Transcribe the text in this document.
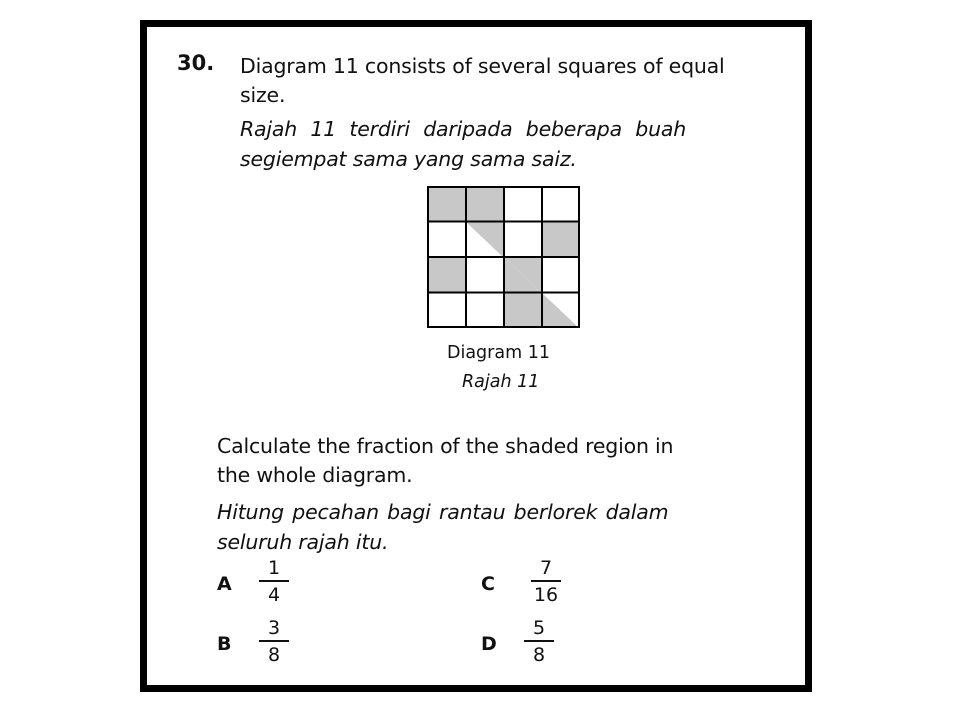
30. Diagram 11 consists of several squares of equal
size.
Rajah 11 terdiri daripada beberapa buah
segiempat sama yang sama saiz.
Diagram 11
Rajah 11
Calculate the fraction of the shaded region in
the whole diagram.
Hitung pecahan bagi rantau berlorek dalam
seluruh rajah itu.
A
1
4
B
3
8
C
7
16
D
5
8
